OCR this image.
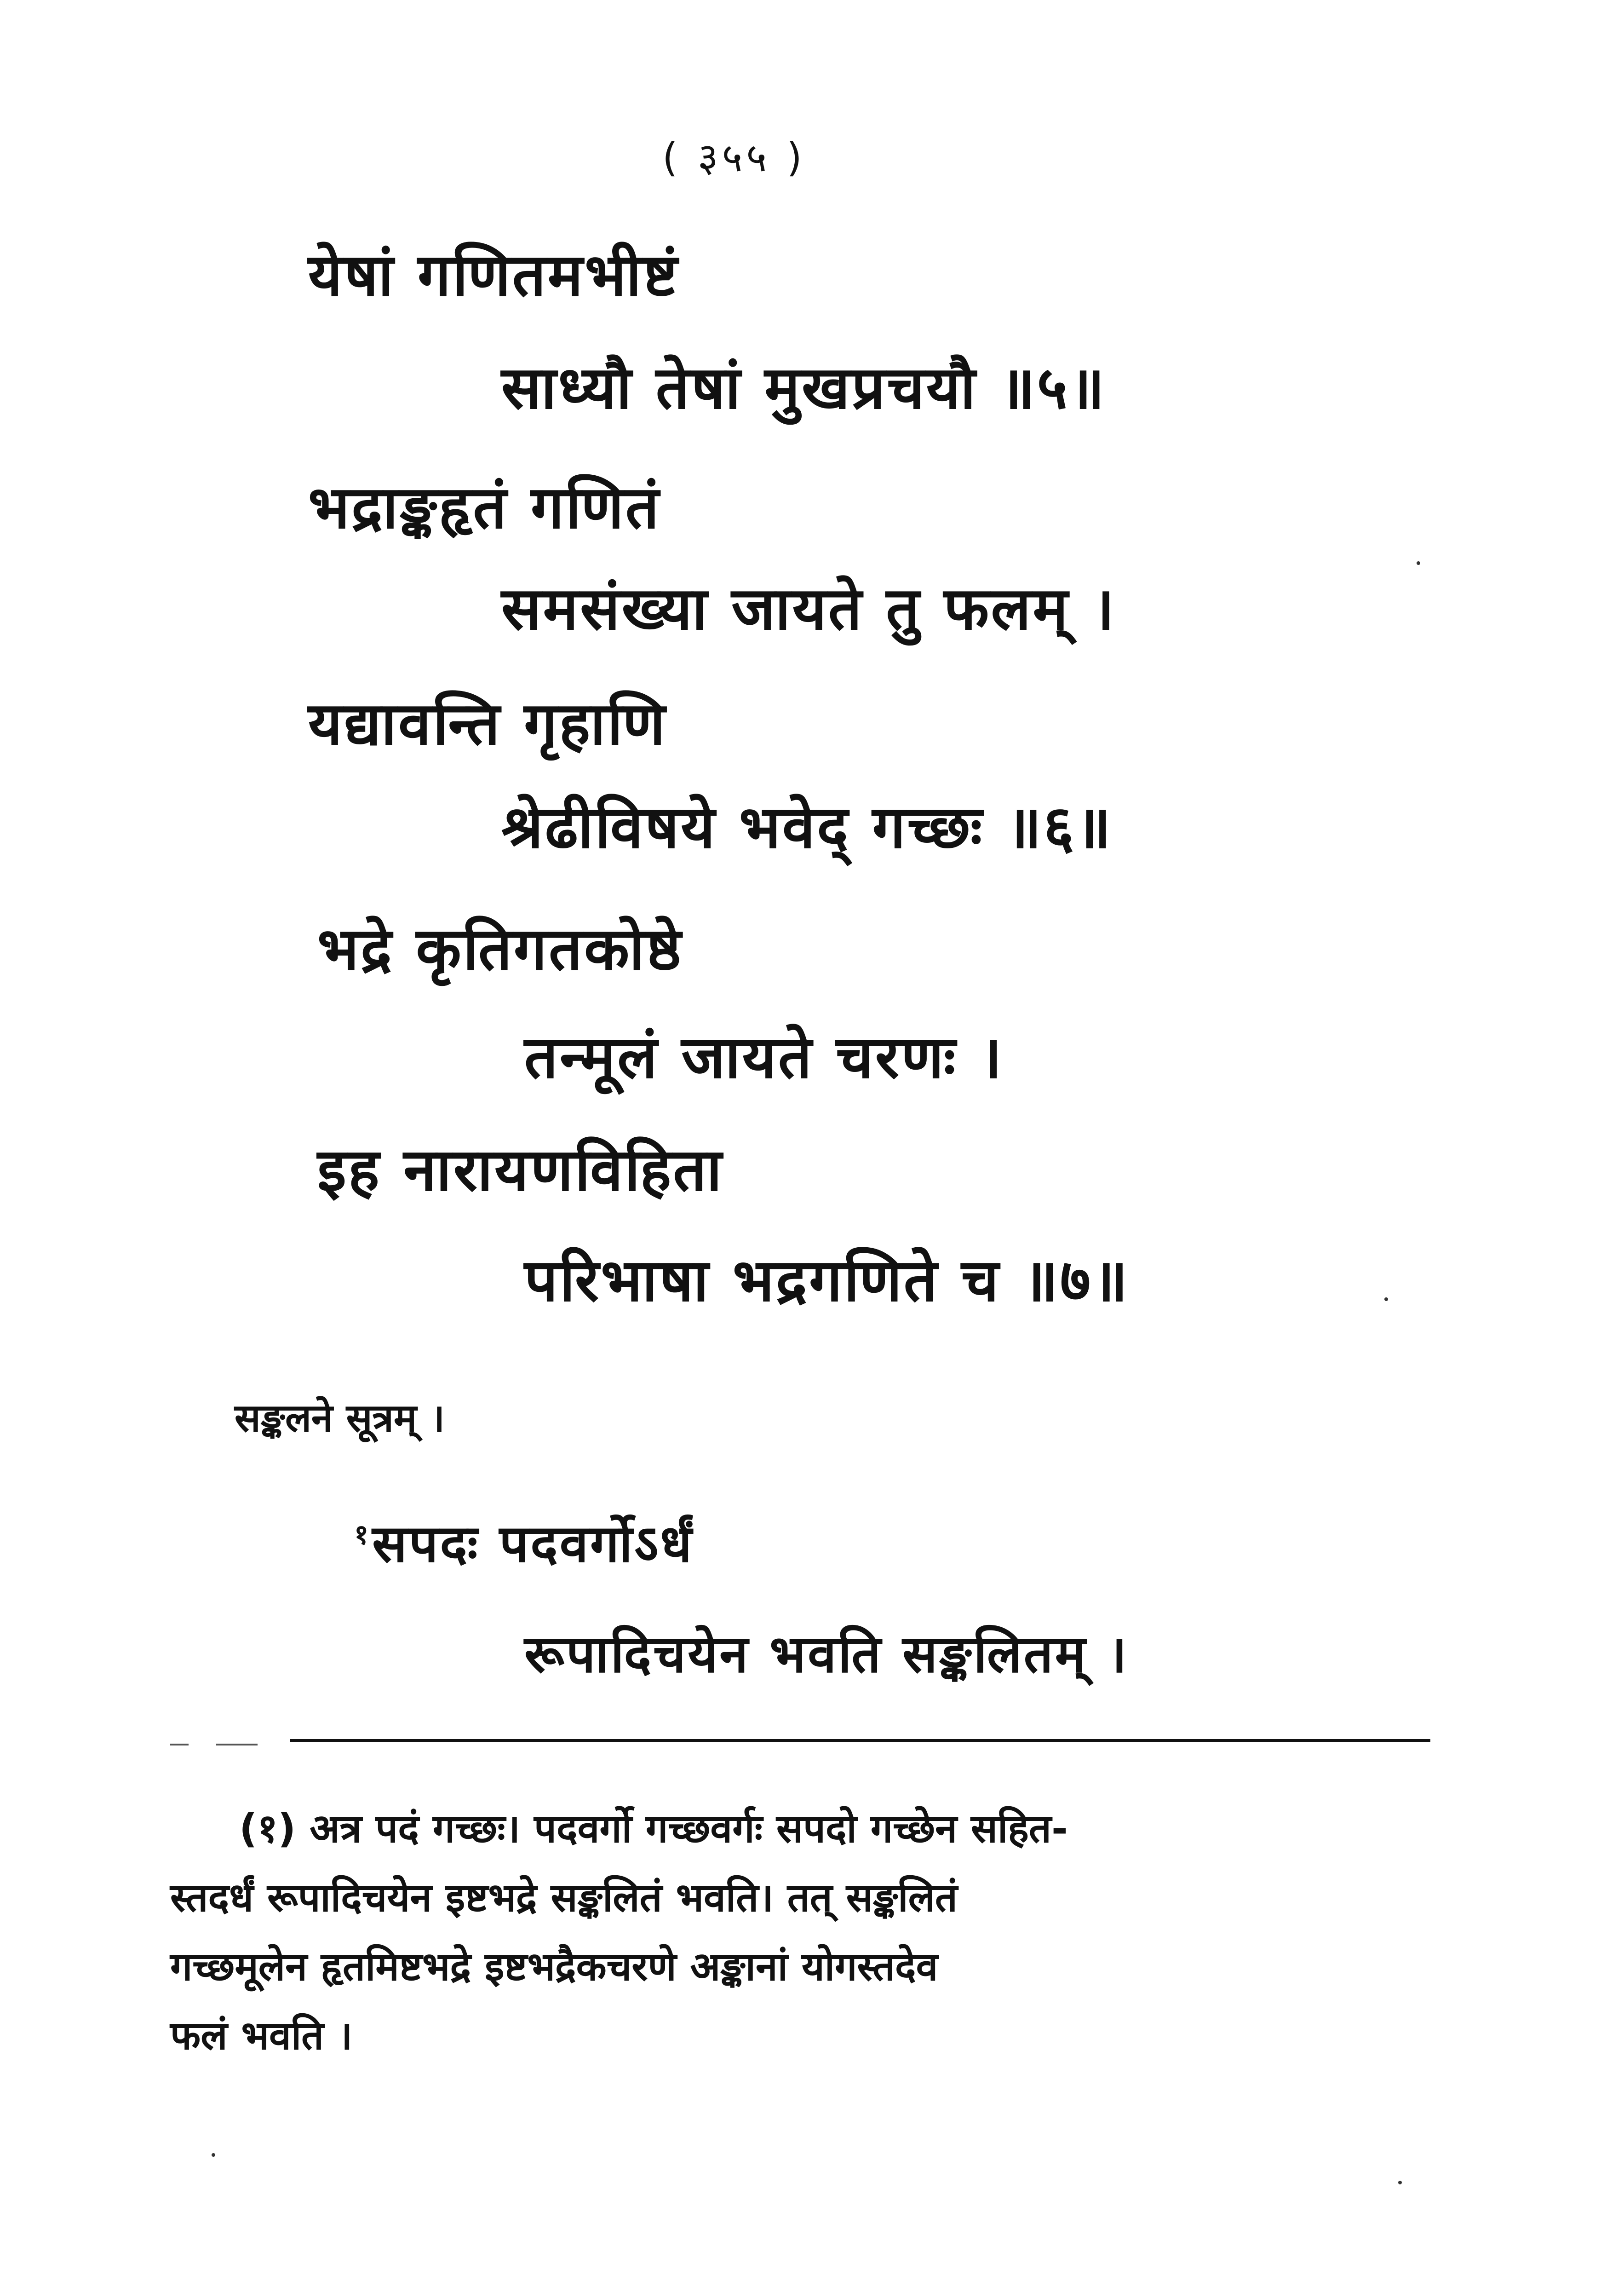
( ३५५ )
येषां गणितमभीष्टं
साध्यौ तेषां मुखप्रचयौ ॥५॥
भद्राङ्कहृतं गणितं
समसंख्या जायते तु फलम् ।
यद्यावन्ति गृहाणि
श्रेढीविषये भवेद् गच्छः ॥६॥
भद्रे कृतिगतकोष्ठे
तन्मूलं जायते चरणः ।
इह नारायणविहिता
परिभाषा भद्रगणिते च ॥७॥
सङ्कलने सूत्रम् ।
$^१$सपदः पदवर्गोऽर्धं
रूपादिचयेन भवति सङ्कलितम् ।
(१) अत्र पदं गच्छः। पदवर्गो गच्छवर्गः सपदो गच्छेन सहित-
स्तदर्धं रूपादिचयेन इष्टभद्रे सङ्कलितं भवति। तत् सङ्कलितं
गच्छमूलेन हृतमिष्टभद्रे इष्टभद्रैकचरणे अङ्कानां योगस्तदेव
फलं भवति ।
